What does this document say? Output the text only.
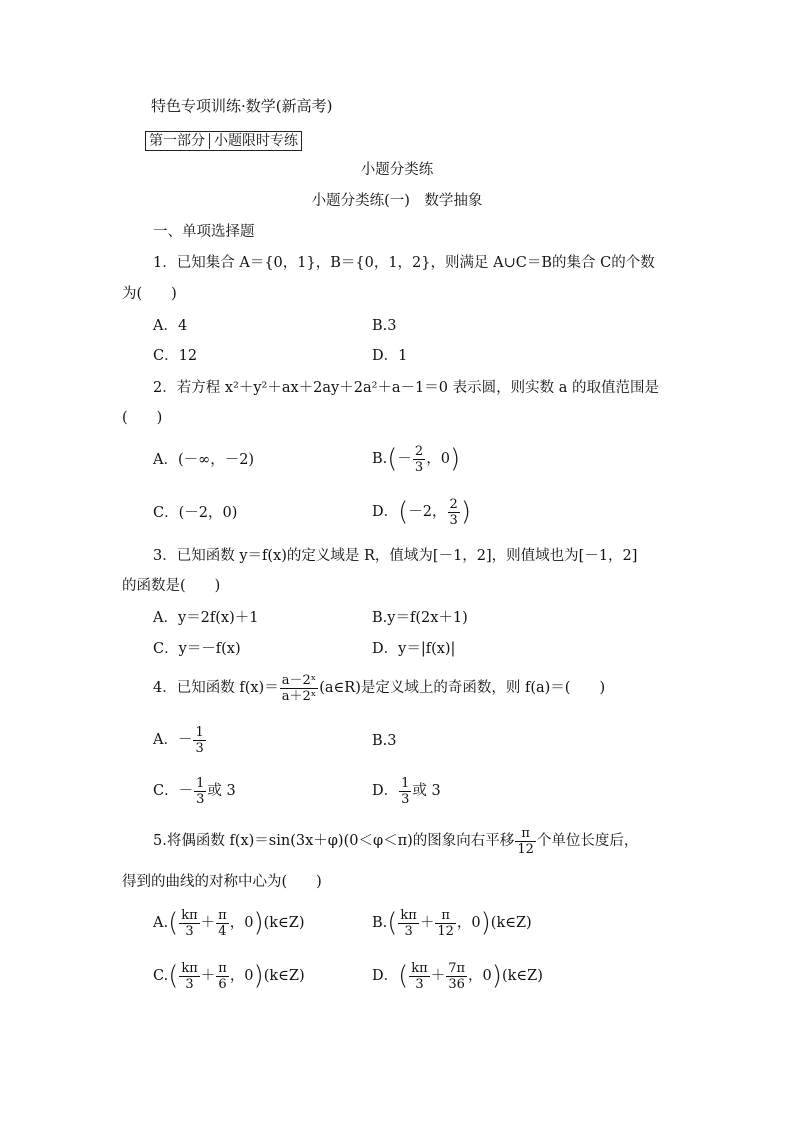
特色专项训练·数学(新高考)
第一部分 小题限时专练
小题分类练
小题分类练(一)　数学抽象
一、单项选择题
1．已知集合 A＝{0，1}，B＝{0，1，2}，则满足 A∪C＝B的集合 C的个数
为(　　)
A．4	B.3
C．12	D．1
2．若方程 x²＋y²＋ax＋2ay＋2a²＋a－1＝0 表示圆，则实数 a 的取值范围是
(　　)
A．(－∞，－2)	$B.(- \frac{2}{3}$ ，0)
C．(－2，0)	D．(－2， $\frac{2}{3}$ )
3．已知函数 y＝f(x)的定义域是 R，值域为[－1，2]，则值域也为[－1，2]
的函数是(　　)
A．y＝2f(x)＋1	B.y＝f(2x＋1)
C．y＝－f(x)	D．y＝|f(x)|
4．已知函数 $f(x)= \frac{\text{a－2ˣ}}{\text{a＋2ˣ}}$ (a∈R)是定义域上的奇函数，则 f(a)＝(　　)
A．－ $\frac{1}{3}$	B.3
C．－ $\frac{1}{3}$ 或 3	D． $\frac{1}{3}$ 或 3
5.将偶函数 f(x)＝sin(3x＋φ)(0＜φ＜π)的图象向右平移 $\frac{\pi}{12}$ 个单位长度后，
得到的曲线的对称中心为(　　)
$A.( \frac{k\pi}{3} + \frac{\pi}{4}$ ，0)(k∈Z)	$B.( \frac{k\pi}{3} + \frac{\pi}{12}$ ，0)(k∈Z)
$C.( \frac{k\pi}{3} + \frac{\pi}{6}$ ，0)(k∈Z)	D．( $\frac{k\pi}{3} + \frac{7\pi}{36}$ ，0)(k∈Z)
